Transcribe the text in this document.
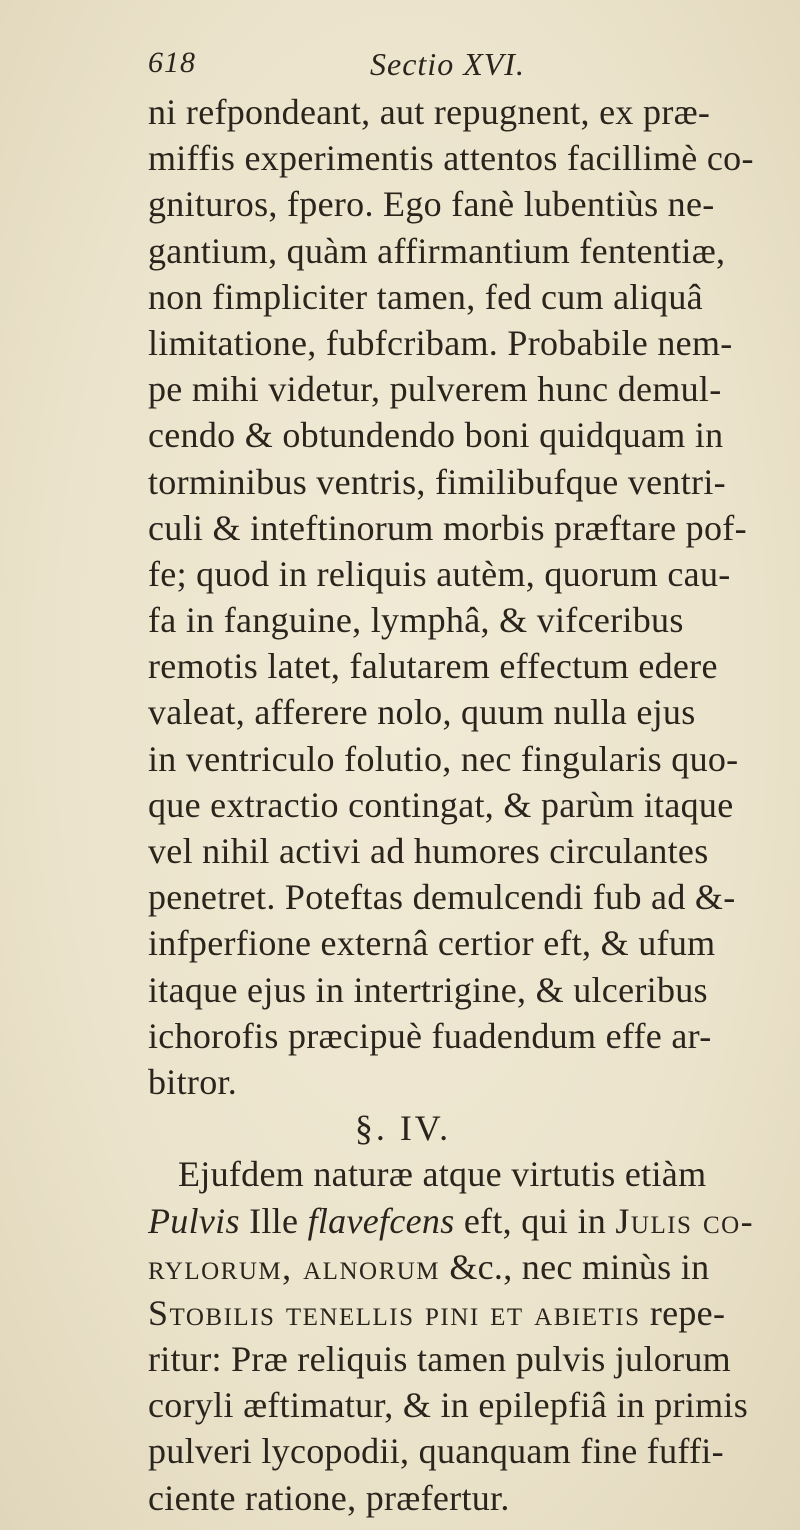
618	Sectio XVI.
ni refpondeant, aut repugnent, ex præ-
miffis experimentis attentos facillimè co-
gnituros, fpero. Ego fanè lubentiùs ne-
gantium, quàm affirmantium fententiæ,
non fimpliciter tamen, fed cum aliquâ
limitatione, fubfcribam. Probabile nem-
pe mihi videtur, pulverem hunc demul-
cendo & obtundendo boni quidquam in
torminibus ventris, fimilibufque ventri-
culi & inteftinorum morbis præftare pof-
fe; quod in reliquis autèm, quorum cau-
fa in fanguine, lymphâ, & vifceribus
remotis latet, falutarem effectum edere
valeat, afferere nolo, quum nulla ejus
in ventriculo folutio, nec fingularis quo-
que extractio contingat, & parùm itaque
vel nihil activi ad humores circulantes
penetret. Poteftas demulcendi fub ad &-
infperfione externâ certior eft, & ufum
itaque ejus in intertrigine, & ulceribus
ichorofis præcipuè fuadendum effe ar-
bitror.
§. IV.
Ejufdem naturæ atque virtutis etiàm
Pulvis Ille flavefcens eft, qui in Julis co-
rylorum, alnorum &c., nec minùs in
Stobilis tenellis pini et abietis repe-
ritur: Præ reliquis tamen pulvis julorum
coryli æftimatur, & in epilepfiâ in primis
pulveri lycopodii, quanquam fine fuffi-
ciente ratione, præfertur.
